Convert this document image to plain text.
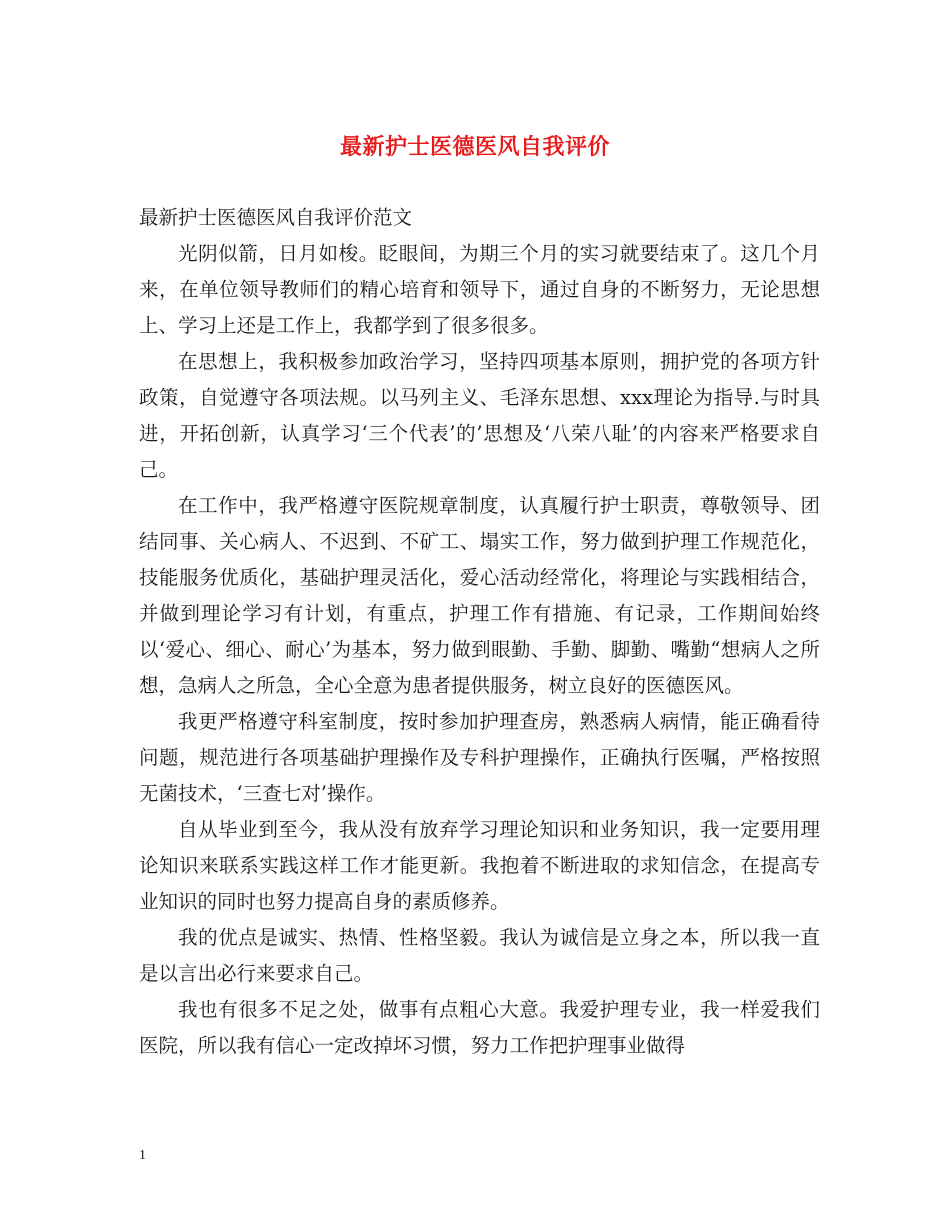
最新护士医德医风自我评价

最新护士医德医风自我评价范文

光阴似箭，日月如梭。眨眼间，为期三个月的实习就要结束了。这几个月来，在单位领导教师们的精心培育和领导下，通过自身的不断努力，无论思想上、学习上还是工作上，我都学到了很多很多。

在思想上，我积极参加政治学习，坚持四项基本原则，拥护党的各项方针政策，自觉遵守各项法规。以马列主义、毛泽东思想、xxx理论为指导.与时具进，开拓创新，认真学习‘三个代表’的’思想及‘八荣八耻’的内容来严格要求自己。

在工作中，我严格遵守医院规章制度，认真履行护士职责，尊敬领导、团结同事、关心病人、不迟到、不矿工、塌实工作，努力做到护理工作规范化，技能服务优质化，基础护理灵活化，爱心活动经常化，将理论与实践相结合，并做到理论学习有计划，有重点，护理工作有措施、有记录，工作期间始终以‘爱心、细心、耐心’为基本，努力做到眼勤、手勤、脚勤、嘴勤“想病人之所想，急病人之所急，全心全意为患者提供服务，树立良好的医德医风。

我更严格遵守科室制度，按时参加护理查房，熟悉病人病情，能正确看待问题，规范进行各项基础护理操作及专科护理操作，正确执行医嘱，严格按照无菌技术，‘三查七对’操作。

自从毕业到至今，我从没有放弃学习理论知识和业务知识，我一定要用理论知识来联系实践这样工作才能更新。我抱着不断进取的求知信念，在提高专业知识的同时也努力提高自身的素质修养。

我的优点是诚实、热情、性格坚毅。我认为诚信是立身之本，所以我一直是以言出必行来要求自己。

我也有很多不足之处，做事有点粗心大意。我爱护理专业，我一样爱我们医院，所以我有信心一定改掉坏习惯，努力工作把护理事业做得

1
